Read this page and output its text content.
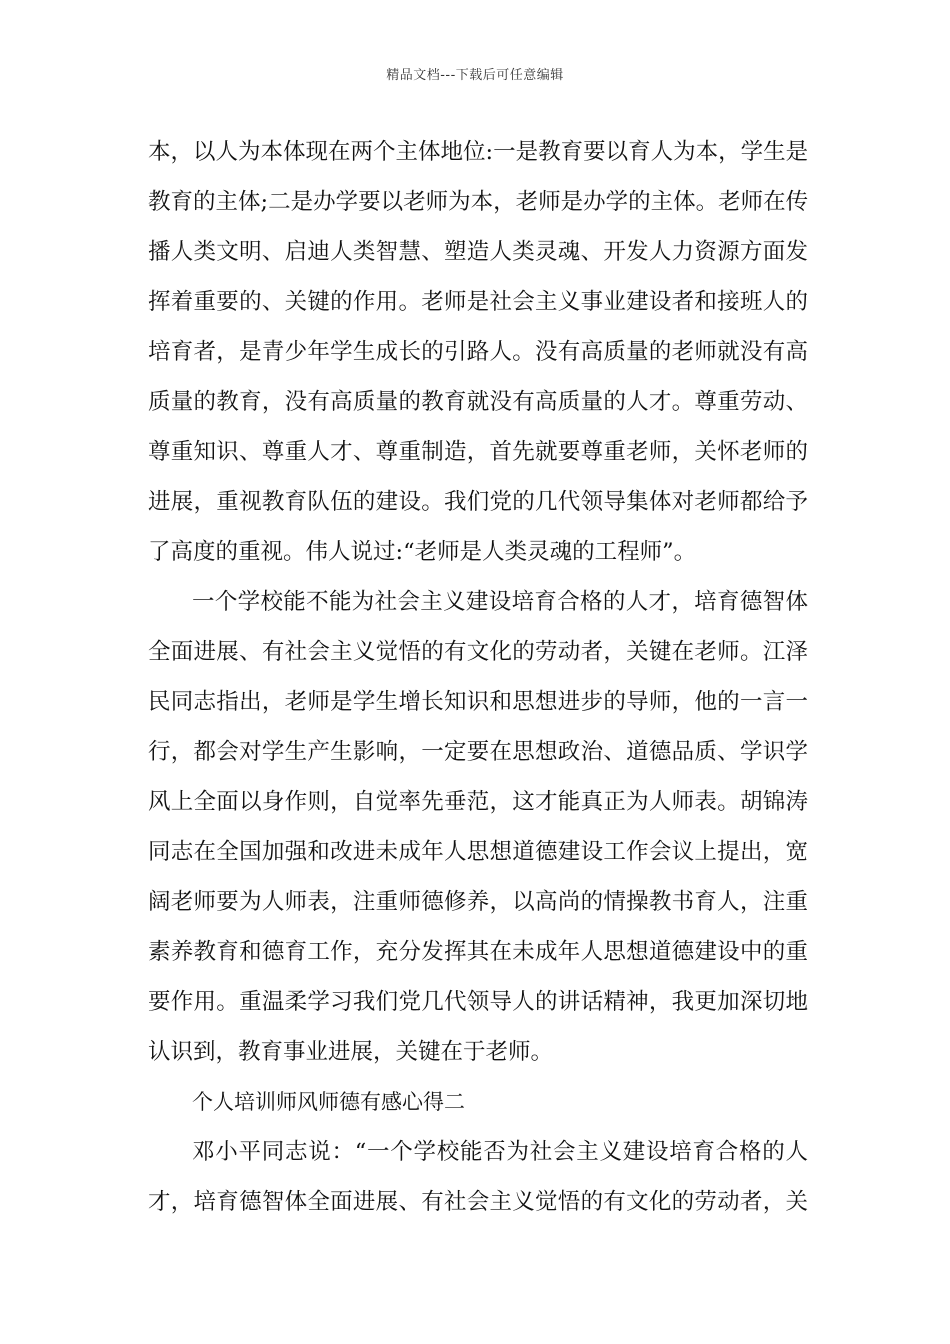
精品文档---下载后可任意编辑
本，以人为本体现在两个主体地位:一是教育要以育人为本，学生是
教育的主体;二是办学要以老师为本，老师是办学的主体。老师在传
播人类文明、启迪人类智慧、塑造人类灵魂、开发人力资源方面发
挥着重要的、关键的作用。老师是社会主义事业建设者和接班人的
培育者，是青少年学生成长的引路人。没有高质量的老师就没有高
质量的教育，没有高质量的教育就没有高质量的人才。尊重劳动、
尊重知识、尊重人才、尊重制造，首先就要尊重老师，关怀老师的
进展，重视教育队伍的建设。我们党的几代领导集体对老师都给予
了高度的重视。伟人说过:“老师是人类灵魂的工程师”。
一个学校能不能为社会主义建设培育合格的人才，培育德智体
全面进展、有社会主义觉悟的有文化的劳动者，关键在老师。江泽
民同志指出，老师是学生增长知识和思想进步的导师，他的一言一
行，都会对学生产生影响，一定要在思想政治、道德品质、学识学
风上全面以身作则，自觉率先垂范，这才能真正为人师表。胡锦涛
同志在全国加强和改进未成年人思想道德建设工作会议上提出，宽
阔老师要为人师表，注重师德修养，以高尚的情操教书育人，注重
素养教育和德育工作，充分发挥其在未成年人思想道德建设中的重
要作用。重温柔学习我们党几代领导人的讲话精神，我更加深切地
认识到，教育事业进展，关键在于老师。
个人培训师风师德有感心得二
邓小平同志说：“一个学校能否为社会主义建设培育合格的人
才，培育德智体全面进展、有社会主义觉悟的有文化的劳动者，关
